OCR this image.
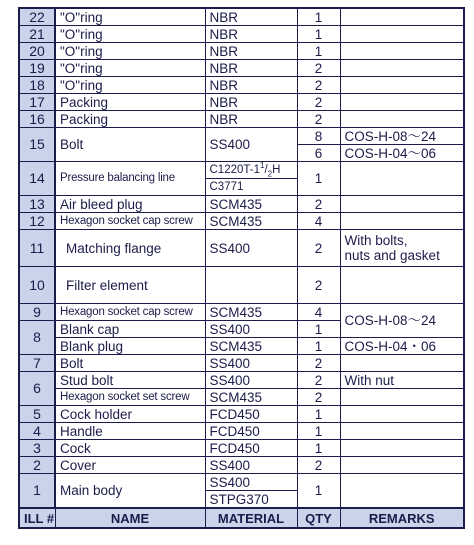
22	"O"ring	NBR	1	
21	"O"ring	NBR	1	
20	"O"ring	NBR	1	
19	"O"ring	NBR	2	
18	"O"ring	NBR	2	
17	Packing	NBR	2	
16	Packing	NBR	2	
15	Bolt	SS400	8	COS-H-08～24
			6	COS-H-04～06
14	Pressure balancing line	$C1220T-1^1/_2H$	1	
		C3771		
13	Air bleed plug	SCM435	2	
12	Hexagon socket cap screw	SCM435	4	
11	Matching flange	SS400	2	With bolts,
nuts and gasket

10	Filter element		2	
9	Hexagon socket cap screw	SCM435	4	COS-H-08～24
8	Blank cap	SS400	1	
	Blank plug	SCM435	1	COS-H-04・06
7	Bolt	SS400	2	
6	Stud bolt	SS400	2	With nut
	Hexagon socket set screw	SCM435	2	
5	Cock holder	FCD450	1	
4	Handle	FCD450	1	
3	Cock	FCD450	1	
2	Cover	SS400	2	
1	Main body	SS400	1	
		STPG370		
ILL #	NAME	MATERIAL	QTY	REMARKS
